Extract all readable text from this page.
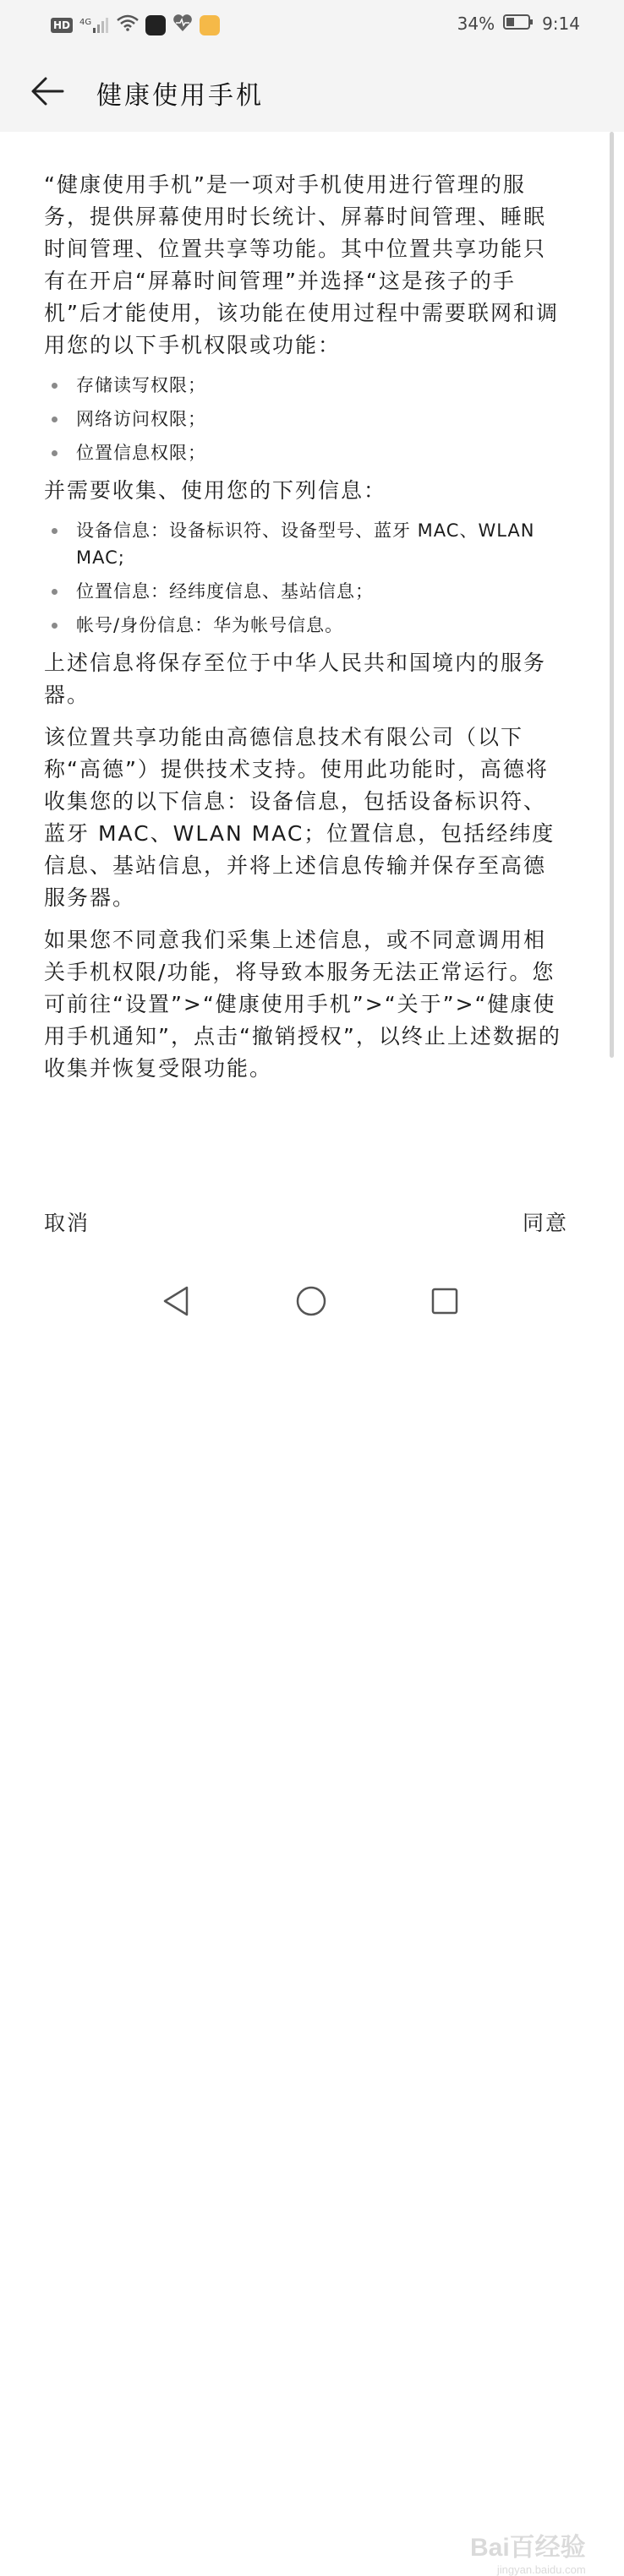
HD	4G	34%	9:14
健康使用手机

“健康使用手机”是一项对手机使用进行管理的服务，提供屏幕使用时长统计、屏幕时间管理、睡眠时间管理、位置共享等功能。其中位置共享功能只有在开启“屏幕时间管理”并选择“这是孩子的手机”后才能使用，该功能在使用过程中需要联网和调用您的以下手机权限或功能：

存储读写权限；
网络访问权限；
位置信息权限；

并需要收集、使用您的下列信息：

设备信息：设备标识符、设备型号、蓝牙 MAC、WLAN MAC;
位置信息：经纬度信息、基站信息；
帐号/身份信息：华为帐号信息。

上述信息将保存至位于中华人民共和国境内的服务器。

该位置共享功能由高德信息技术有限公司（以下称“高德”）提供技术支持。使用此功能时，高德将收集您的以下信息：设备信息，包括设备标识符、蓝牙 MAC、WLAN MAC；位置信息，包括经纬度信息、基站信息，并将上述信息传输并保存至高德服务器。

如果您不同意我们采集上述信息，或不同意调用相关手机权限/功能，将导致本服务无法正常运行。您可前往“设置”>“健康使用手机”>“关于”>“健康使用手机通知”，点击“撤销授权”，以终止上述数据的收集并恢复受限功能。

取消	同意
Bai百经验
jingyan.baidu.com
